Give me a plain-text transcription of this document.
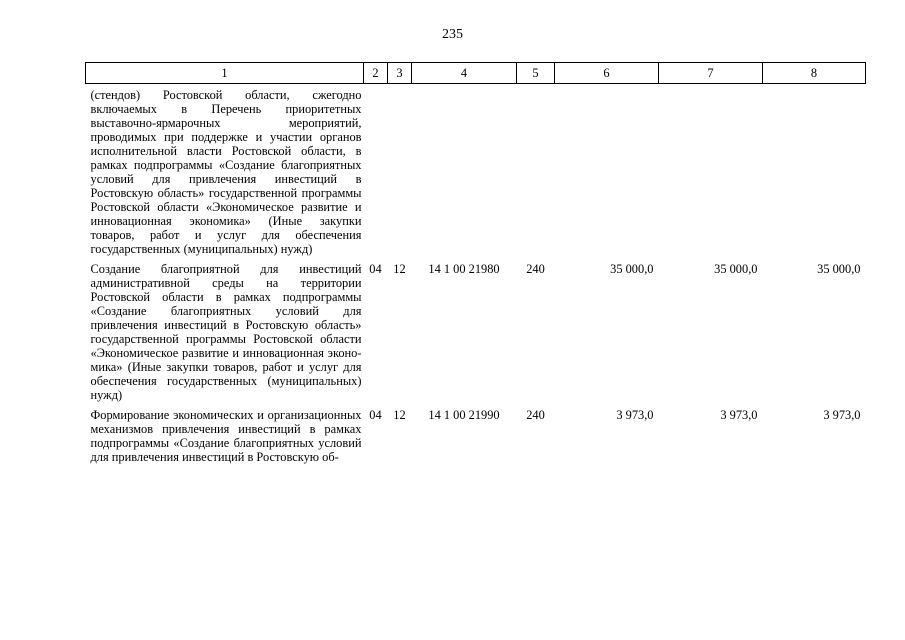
235
1	2	3	4	5	6	7	8
(стендов) Ростовской области, сжегодно включаемых в Перечень приоритетных выставочно-ярмарочных мероприятий, проводимых при поддержке и участии органов исполнительной власти Ростовской области, в рамках подпрограммы «Создание благоприятных условий для привлечения инвестиций в Ростовскую область» государственной программы Ростовской области «Экономическое развитие и инновационная экономика» (Иные закупки товаров, работ и услуг для обеспечения государственных (муниципальных) нужд)							
Создание благоприятной для инвестиций административной среды на территории Ростовской области в рамках подпрограммы «Создание благоприятных условий для привлечения инвестиций в Ростовскую область» государственной программы Ростовской области «Экономическое развитие и инновационная экономика» (Иные закупки товаров, работ и услуг для обеспечения государственных (муниципальных) нужд)	04	12	14 1 00 21980	240	35 000,0	35 000,0	35 000,0
Формирование экономических и организационных механизмов привлечения инвестиций в рамках подпрограммы «Создание благоприятных условий для привлечения инвестиций в Ростовскую об-	04	12	14 1 00 21990	240	3 973,0	3 973,0	3 973,0
